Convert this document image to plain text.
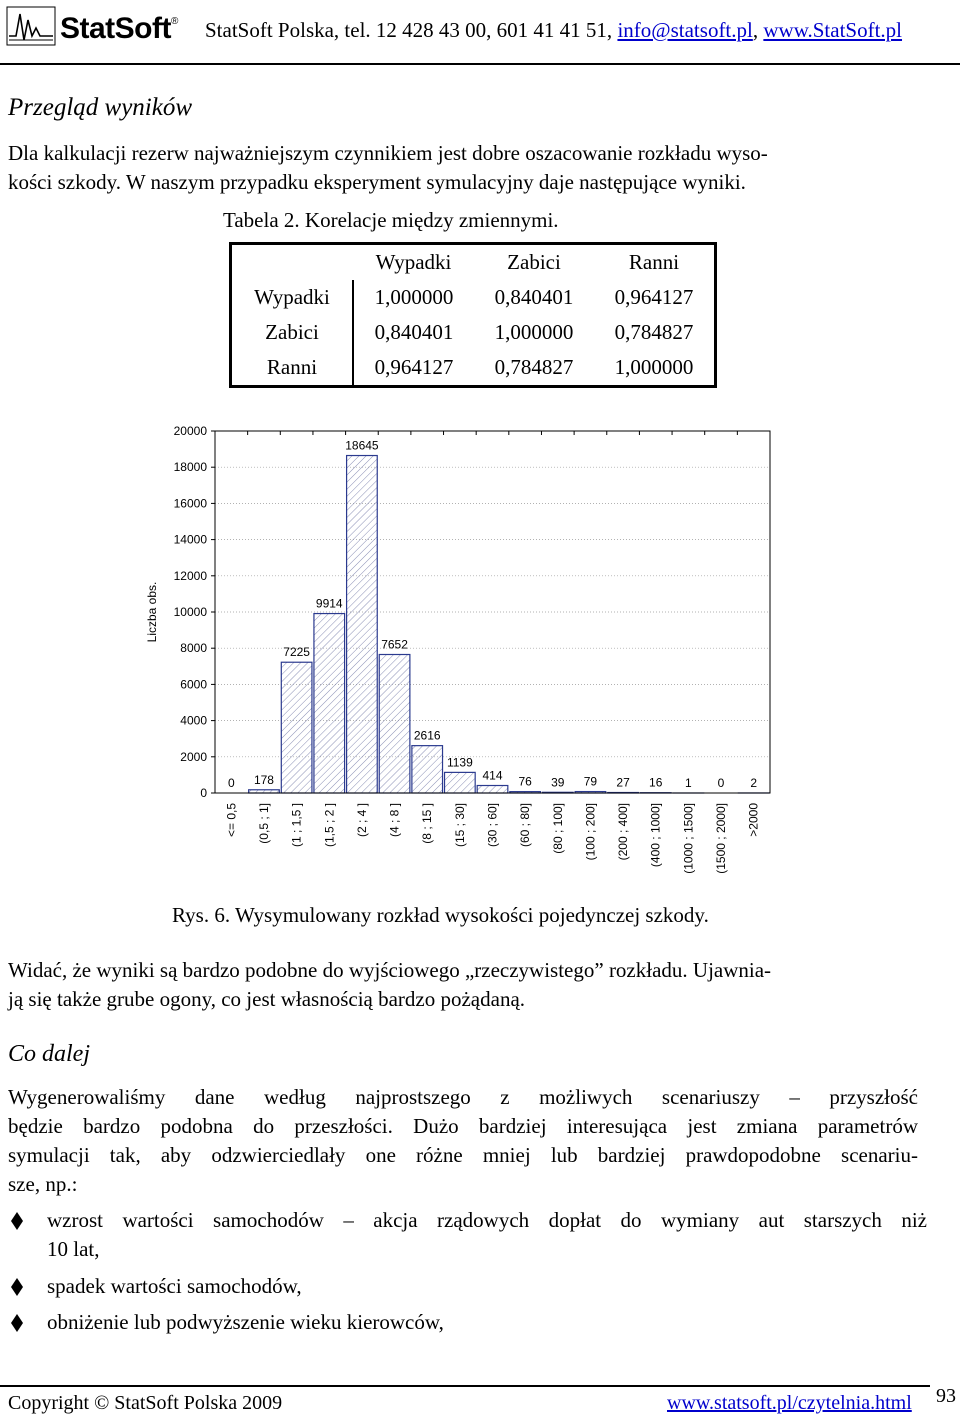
StatSoft® StatSoft Polska, tel. 12 428 43 00, 601 41 41 51, info@statsoft.pl, www.StatSoft.pl
Przegląd wyników
Dla kalkulacji rezerw najważniejszym czynnikiem jest dobre oszacowanie rozkładu wyso-
kości szkody. W naszym przypadku eksperyment symulacyjny daje następujące wyniki.
Tabela 2. Korelacje między zmiennymi.
	Wypadki	Zabici	Ranni
Wypadki	1,000000	0,840401	0,964127
Zabici	0,840401	1,000000	0,784827
Ranni	0,964127	0,784827	1,000000
0
<= 0,5
178
(0,5 ; 1]
7225
(1 ; 1,5 ]
9914
(1,5 ; 2 ]
18645
(2 ; 4 ]
7652
(4 ; 8 ]
2616
(8 ; 15 ]
1139
(15 ; 30]
414
(30 ; 60]
76
(60 ; 80]
39
(80 ; 100]
79
(100 ; 200]
27
(200 ; 400]
16
(400 ; 1000]
1
(1000 ; 1500]
0
(1500 ; 2000]
2
>2000
0
2000
4000
6000
8000
10000
12000
14000
16000
18000
20000
Liczba obs.
Rys. 6. Wysymulowany rozkład wysokości pojedynczej szkody.
Widać, że wyniki są bardzo podobne do wyjściowego „rzeczywistego” rozkładu. Ujawnia-
ją się także grube ogony, co jest własnością bardzo pożądaną.
Co dalej
Wygenerowaliśmy dane według najprostszego z możliwych scenariuszy – przyszłość
będzie bardzo podobna do przeszłości. Dużo bardziej interesująca jest zmiana parametrów
symulacji tak, aby odzwierciedlały one różne mniej lub bardziej prawdopodobne scenariu-
sze, np.:
wzrost wartości samochodów – akcja rządowych dopłat do wymiany aut starszych niż
10 lat,
spadek wartości samochodów,
obniżenie lub podwyższenie wieku kierowców,
Copyright © StatSoft Polska 2009	www.statsoft.pl/czytelnia.html 93
